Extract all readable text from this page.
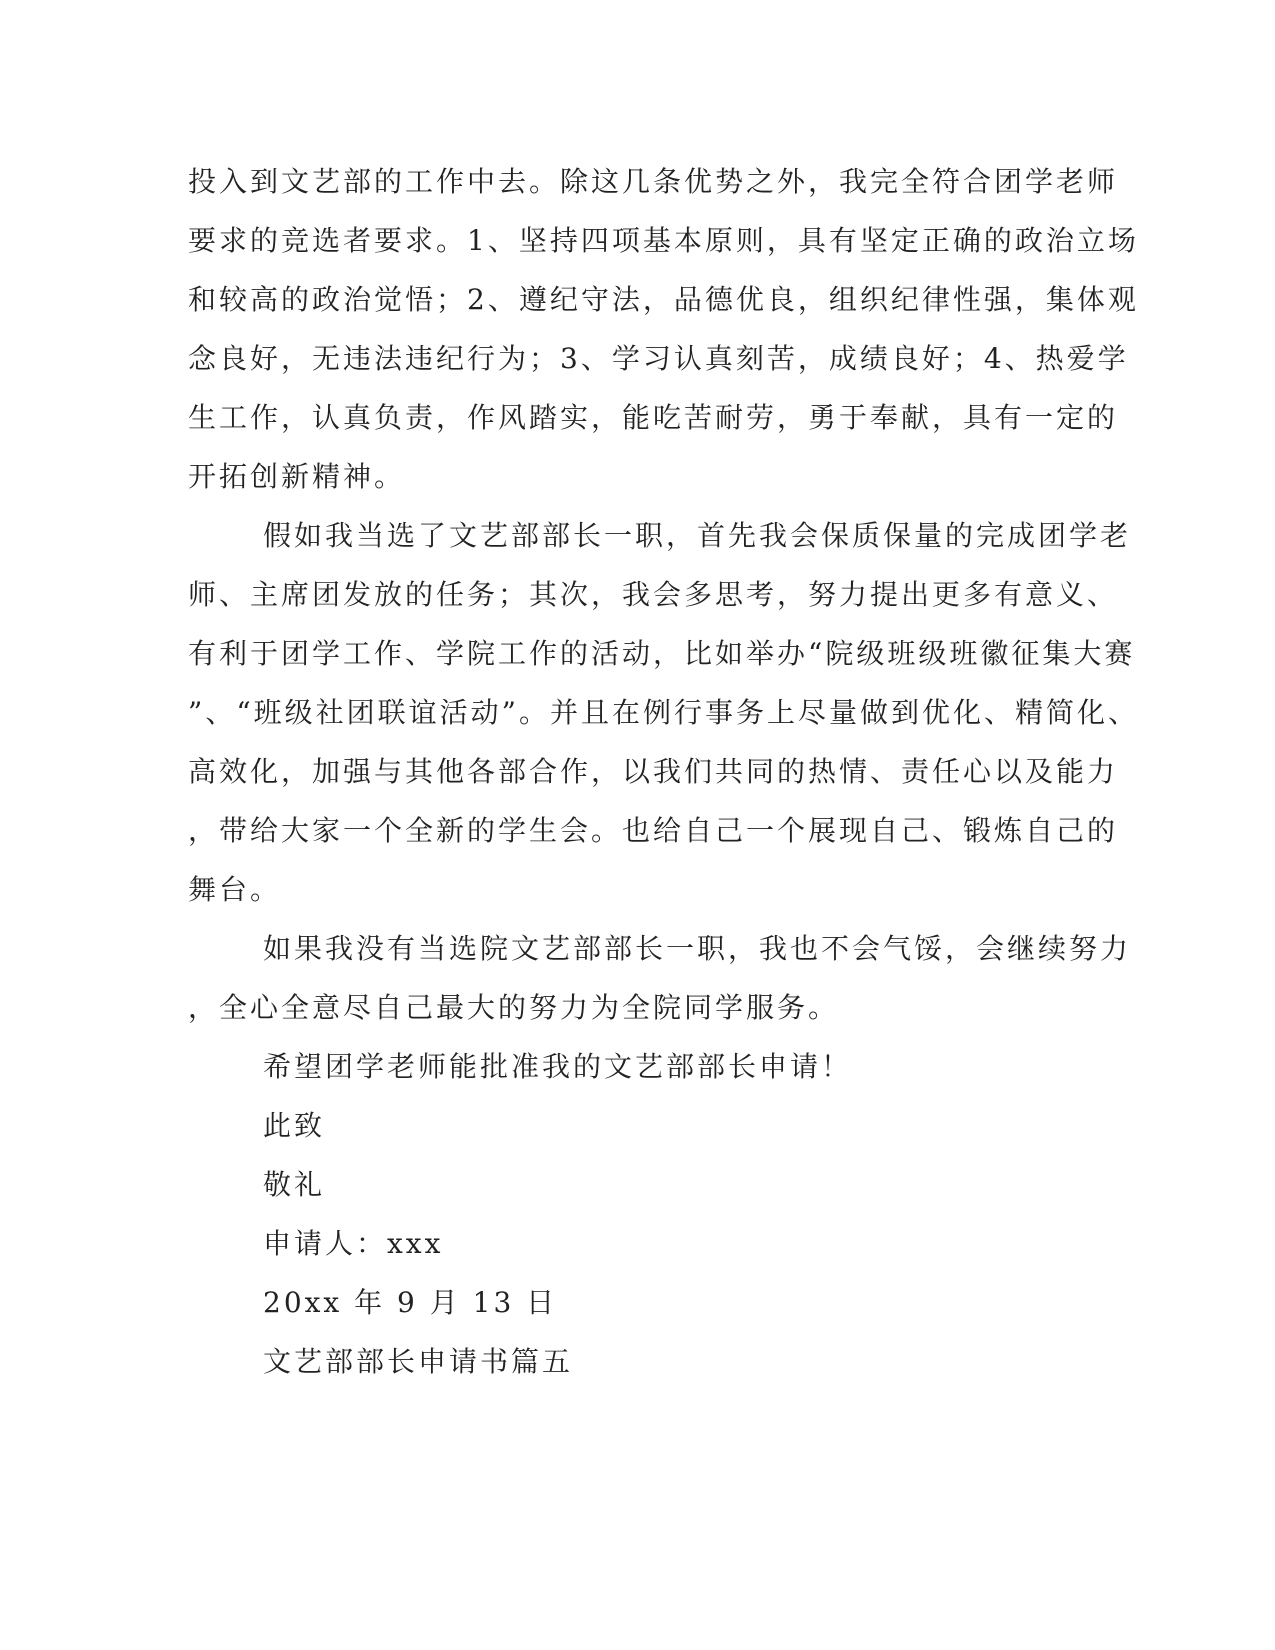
投入到文艺部的工作中去。除这几条优势之外，我完全符合团学老师
要求的竞选者要求。1、坚持四项基本原则，具有坚定正确的政治立场
和较高的政治觉悟；2、遵纪守法，品德优良，组织纪律性强，集体观
念良好，无违法违纪行为；3、学习认真刻苦，成绩良好；4、热爱学
生工作，认真负责，作风踏实，能吃苦耐劳，勇于奉献，具有一定的
开拓创新精神。
假如我当选了文艺部部长一职，首先我会保质保量的完成团学老
师、主席团发放的任务；其次，我会多思考，努力提出更多有意义、
有利于团学工作、学院工作的活动，比如举办“院级班级班徽征集大赛
”、“班级社团联谊活动”。并且在例行事务上尽量做到优化、精简化、
高效化，加强与其他各部合作，以我们共同的热情、责任心以及能力
，带给大家一个全新的学生会。也给自己一个展现自己、锻炼自己的
舞台。
如果我没有当选院文艺部部长一职，我也不会气馁，会继续努力
，全心全意尽自己最大的努力为全院同学服务。
希望团学老师能批准我的文艺部部长申请！
此致
敬礼
申请人：xxx
20xx 年 9 月 13 日
文艺部部长申请书篇五
